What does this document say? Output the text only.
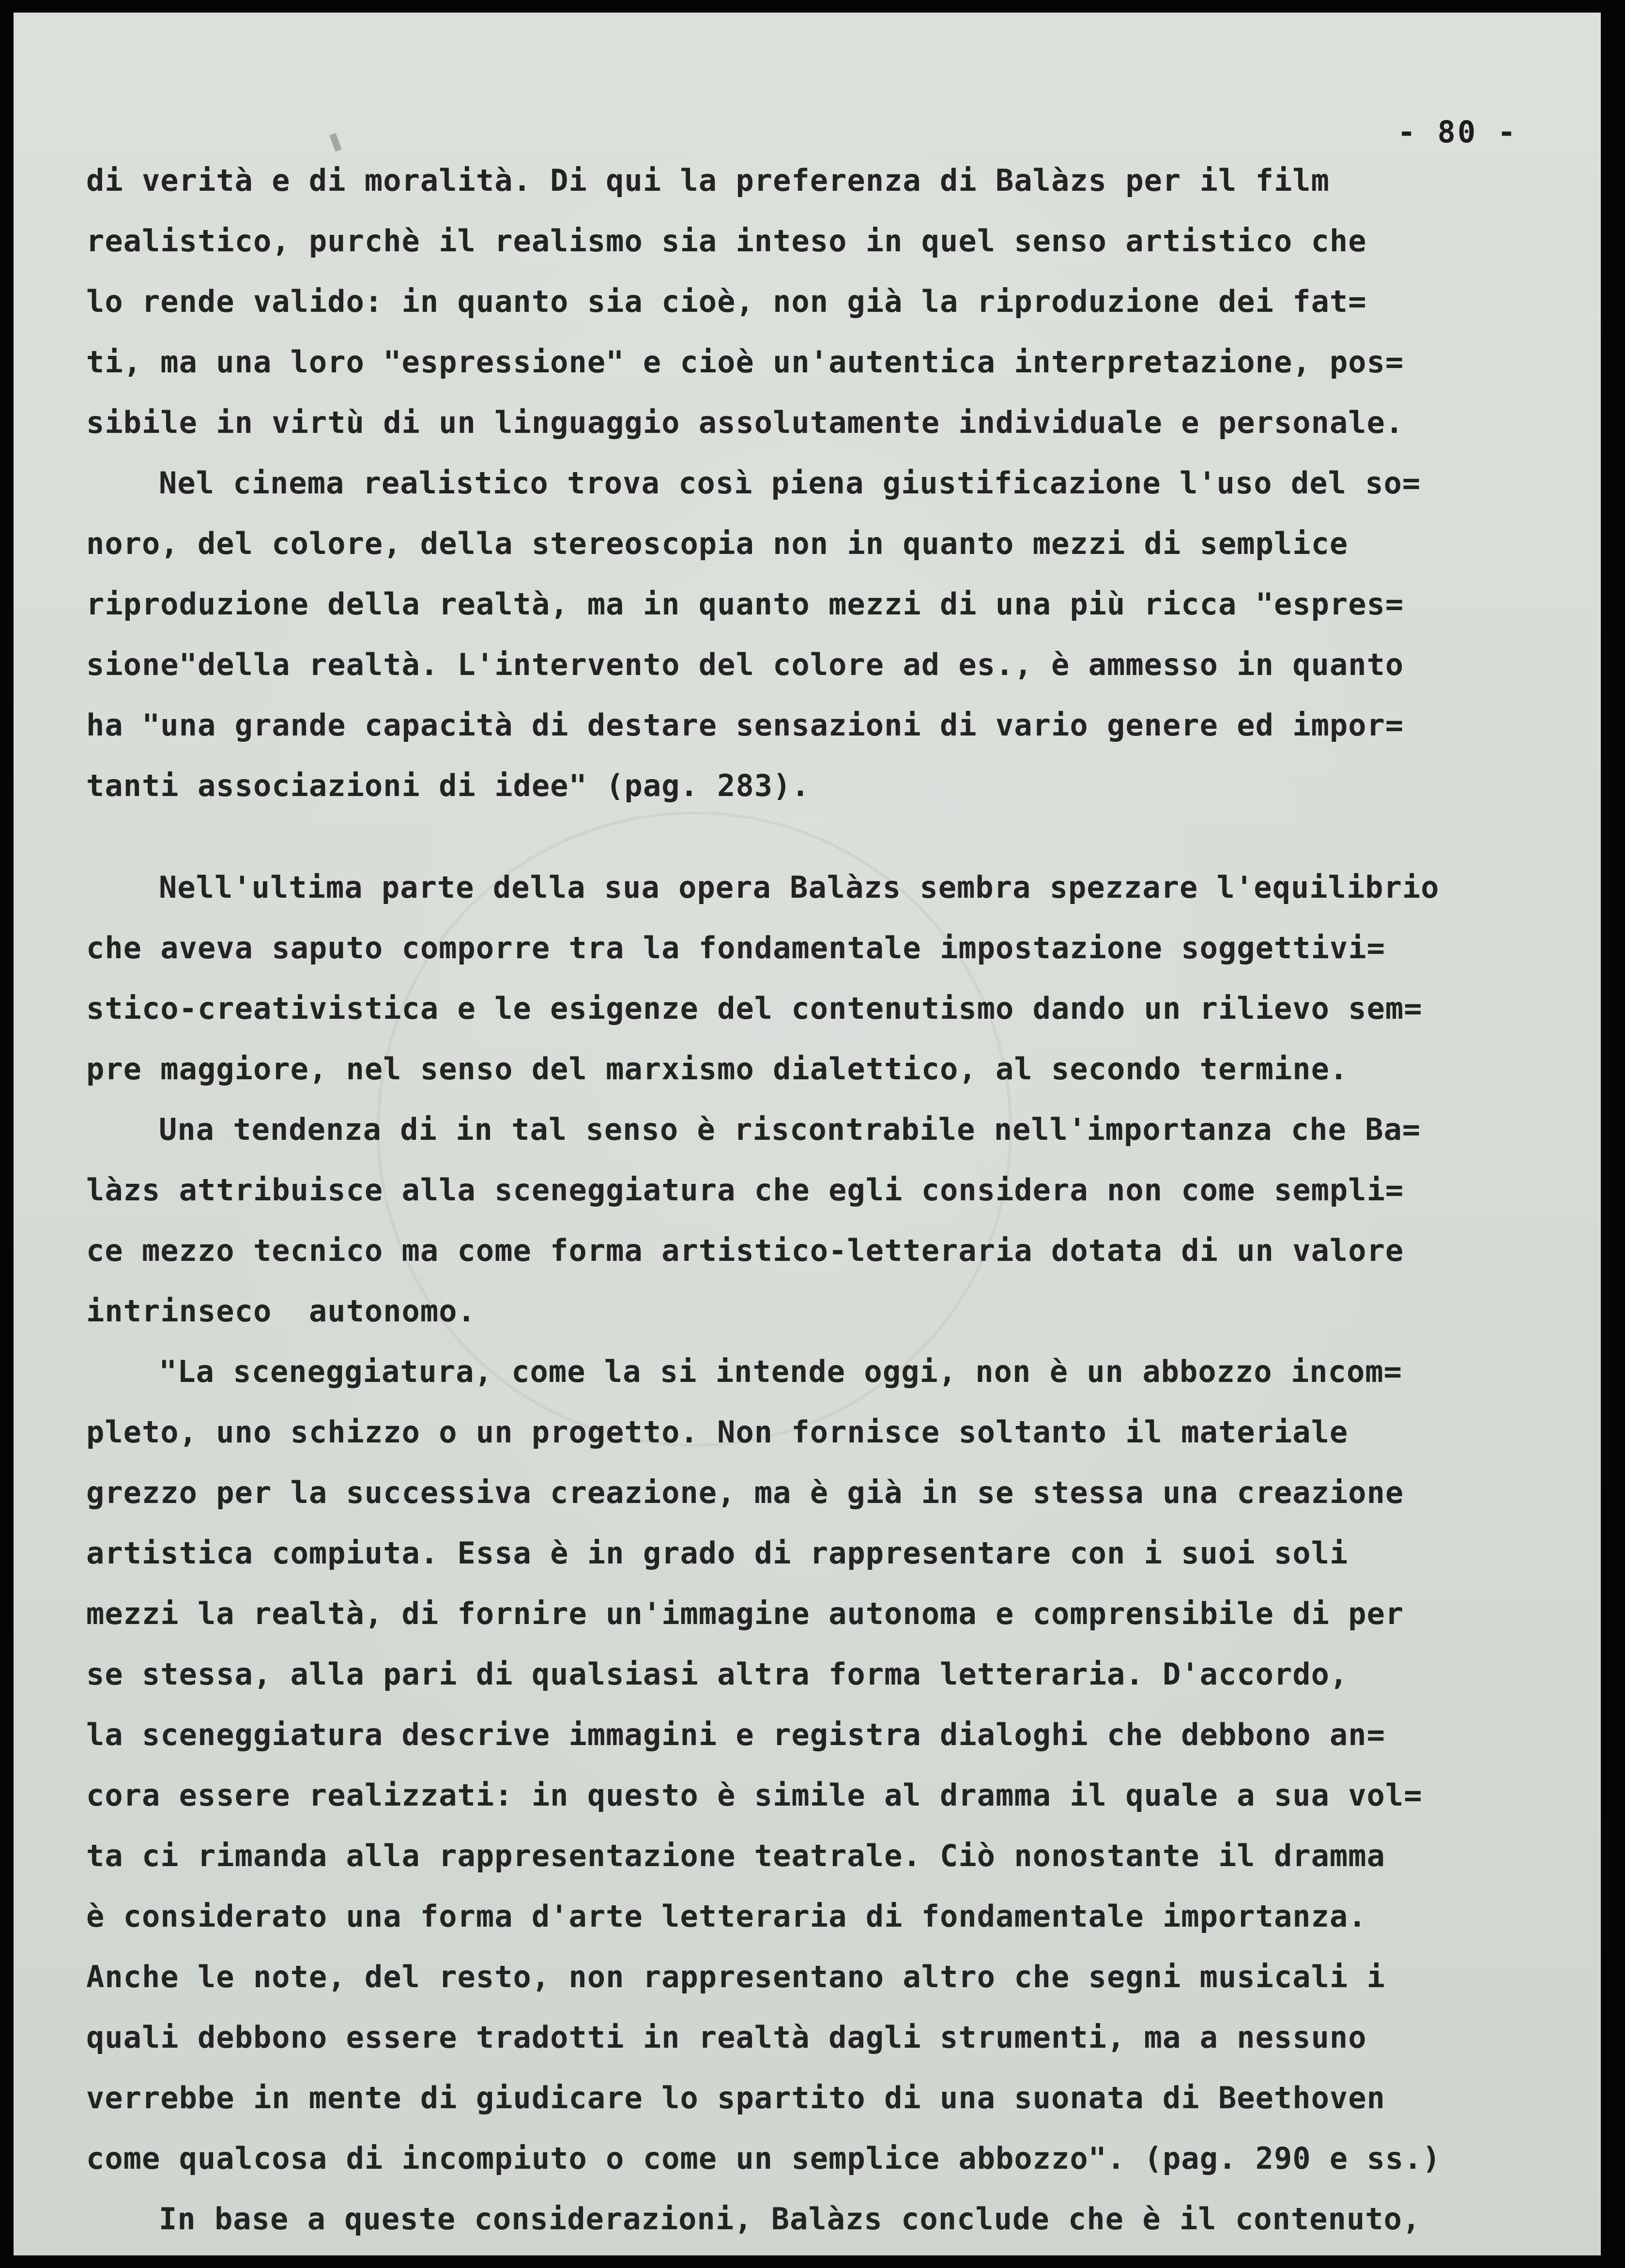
- 80 -
di verità e di moralità. Di qui la preferenza di Balàzs per il film
realistico, purchè il realismo sia inteso in quel senso artistico che
lo rende valido: in quanto sia cioè, non già la riproduzione dei fat=
ti, ma una loro "espressione" e cioè un'autentica interpretazione, pos=
sibile in virtù di un linguaggio assolutamente individuale e personale.
Nel cinema realistico trova così piena giustificazione l'uso del so=
noro, del colore, della stereoscopia non in quanto mezzi di semplice
riproduzione della realtà, ma in quanto mezzi di una più ricca "espres=
sione"della realtà. L'intervento del colore ad es., è ammesso in quanto
ha "una grande capacità di destare sensazioni di vario genere ed impor=
tanti associazioni di idee" (pag. 283).
Nell'ultima parte della sua opera Balàzs sembra spezzare l'equilibrio
che aveva saputo comporre tra la fondamentale impostazione soggettivi=
stico-creativistica e le esigenze del contenutismo dando un rilievo sem=
pre maggiore, nel senso del marxismo dialettico, al secondo termine.
Una tendenza di in tal senso è riscontrabile nell'importanza che Ba=
làzs attribuisce alla sceneggiatura che egli considera non come sempli=
ce mezzo tecnico ma come forma artistico-letteraria dotata di un valore
intrinseco  autonomo.
"La sceneggiatura, come la si intende oggi, non è un abbozzo incom=
pleto, uno schizzo o un progetto. Non fornisce soltanto il materiale
grezzo per la successiva creazione, ma è già in se stessa una creazione
artistica compiuta. Essa è in grado di rappresentare con i suoi soli
mezzi la realtà, di fornire un'immagine autonoma e comprensibile di per
se stessa, alla pari di qualsiasi altra forma letteraria. D'accordo,
la sceneggiatura descrive immagini e registra dialoghi che debbono an=
cora essere realizzati: in questo è simile al dramma il quale a sua vol=
ta ci rimanda alla rappresentazione teatrale. Ciò nonostante il dramma
è considerato una forma d'arte letteraria di fondamentale importanza.
Anche le note, del resto, non rappresentano altro che segni musicali i
quali debbono essere tradotti in realtà dagli strumenti, ma a nessuno
verrebbe in mente di giudicare lo spartito di una suonata di Beethoven
come qualcosa di incompiuto o come un semplice abbozzo". (pag. 290 e ss.)
In base a queste considerazioni, Balàzs conclude che è il contenuto,
